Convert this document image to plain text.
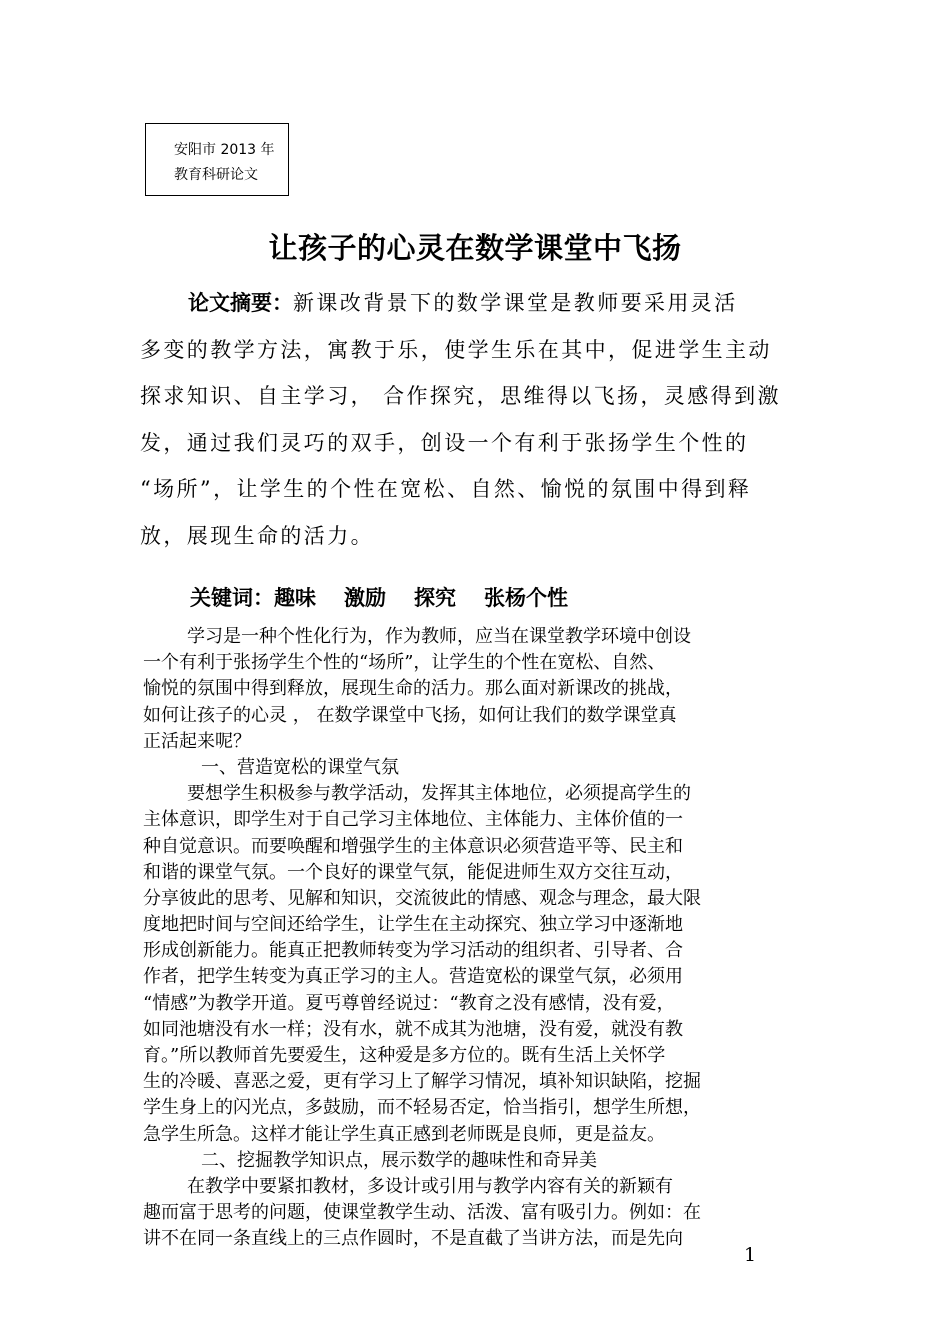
安阳市 2013 年
教育科研论文
让孩子的心灵在数学课堂中飞扬
论文摘要：新课改背景下的数学课堂是教师要采用灵活
多变的教学方法，寓教于乐，使学生乐在其中，促进学生主动
探求知识、自主学习， 合作探究，思维得以飞扬，灵感得到激
发，通过我们灵巧的双手，创设一个有利于张扬学生个性的
“场所”，让学生的个性在宽松、自然、愉悦的氛围中得到释
放，展现生命的活力。
关键词：趣味 激励 探究 张杨个性
学习是一种个性化行为，作为教师，应当在课堂教学环境中创设
一个有利于张扬学生个性的“场所”，让学生的个性在宽松、自然、
愉悦的氛围中得到释放，展现生命的活力。那么面对新课改的挑战，
如何让孩子的心灵 ， 在数学课堂中飞扬，如何让我们的数学课堂真
正活起来呢？
一、营造宽松的课堂气氛
要想学生积极参与教学活动，发挥其主体地位，必须提高学生的
主体意识，即学生对于自己学习主体地位、主体能力、主体价值的一
种自觉意识。而要唤醒和增强学生的主体意识必须营造平等、民主和
和谐的课堂气氛。一个良好的课堂气氛，能促进师生双方交往互动，
分享彼此的思考、见解和知识，交流彼此的情感、观念与理念，最大限
度地把时间与空间还给学生，让学生在主动探究、独立学习中逐渐地
形成创新能力。能真正把教师转变为学习活动的组织者、引导者、合
作者，把学生转变为真正学习的主人。营造宽松的课堂气氛，必须用
“情感”为教学开道。夏丐尊曾经说过：“教育之没有感情，没有爱，
如同池塘没有水一样；没有水，就不成其为池塘，没有爱，就没有教
育。”所以教师首先要爱生，这种爱是多方位的。既有生活上关怀学
生的冷暖、喜恶之爱，更有学习上了解学习情况，填补知识缺陷，挖掘
学生身上的闪光点，多鼓励，而不轻易否定，恰当指引，想学生所想，
急学生所急。这样才能让学生真正感到老师既是良师，更是益友。
二、挖掘教学知识点，展示数学的趣味性和奇异美
在教学中要紧扣教材，多设计或引用与教学内容有关的新颖有
趣而富于思考的问题，使课堂教学生动、活泼、富有吸引力。例如：在
讲不在同一条直线上的三点作圆时，不是直截了当讲方法，而是先向
1
